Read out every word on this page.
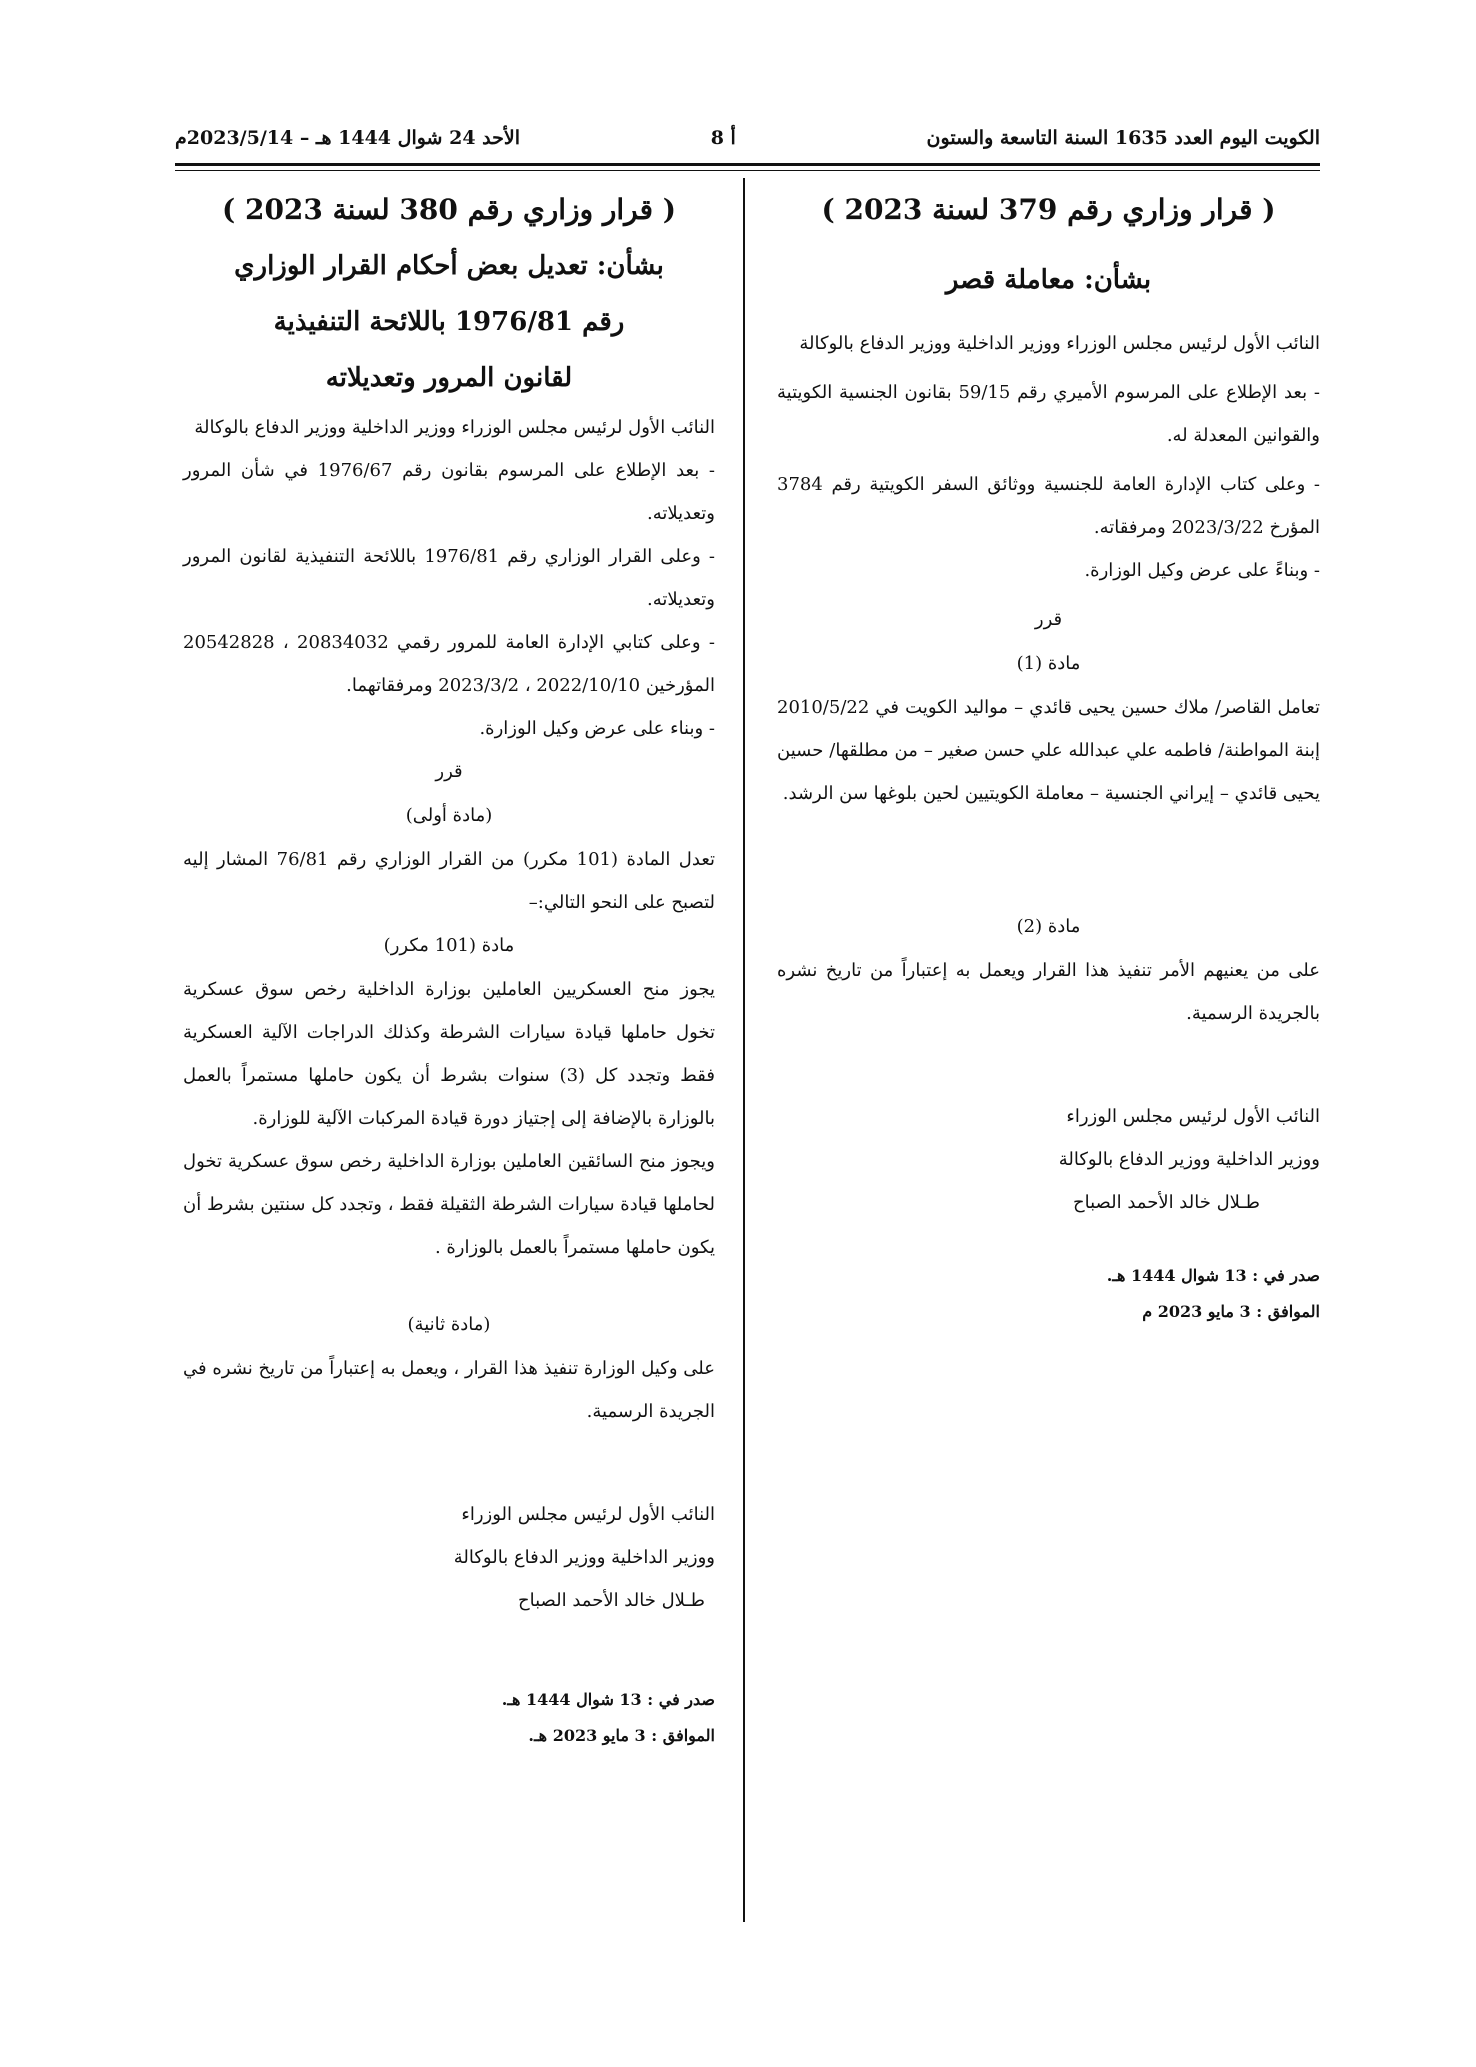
الكويت اليوم العدد 1635 السنة التاسعة والستون
أ 8
الأحد 24 شوال 1444 هـ – 2023/5/14م
( قرار وزاري رقم 379 لسنة 2023 )
بشأن: معاملة قصر

النائب الأول لرئيس مجلس الوزراء ووزير الداخلية ووزير الدفاع بالوكالة

- بعد الإطلاع على المرسوم الأميري رقم 59/15 بقانون الجنسية الكويتية والقوانين المعدلة له.

- وعلى كتاب الإدارة العامة للجنسية ووثائق السفر الكويتية رقم 3784 المؤرخ 2023/3/22 ومرفقاته.

- وبناءً على عرض وكيل الوزارة.

قرر

مادة (1)

تعامل القاصر/ ملاك حسين يحيى قائدي – مواليد الكويت في 2010/5/22 إبنة المواطنة/ فاطمه علي عبدالله علي حسن صغير – من مطلقها/ حسين يحيى قائدي – إيراني الجنسية – معاملة الكويتيين لحين بلوغها سن الرشد.

مادة (2)

على من يعنيهم الأمر تنفيذ هذا القرار ويعمل به إعتباراً من تاريخ نشره بالجريدة الرسمية.

النائب الأول لرئيس مجلس الوزراء

ووزير الداخلية ووزير الدفاع بالوكالة

طـلال خالد الأحمد الصباح

صدر في : 13 شوال 1444 هـ.

الموافق : 3 مايو 2023 م

( قرار وزاري رقم 380 لسنة 2023 )
بشأن: تعديل بعض أحكام القرار الوزاري
رقم 1976/81 باللائحة التنفيذية
لقانون المرور وتعديلاته

النائب الأول لرئيس مجلس الوزراء ووزير الداخلية ووزير الدفاع بالوكالة

- بعد الإطلاع على المرسوم بقانون رقم 1976/67 في شأن المرور وتعديلاته.

- وعلى القرار الوزاري رقم 1976/81 باللائحة التنفيذية لقانون المرور وتعديلاته.

- وعلى كتابي الإدارة العامة للمرور رقمي 20834032 ، 20542828 المؤرخين 2022/10/10 ، 2023/3/2 ومرفقاتهما.

- وبناء على عرض وكيل الوزارة.

قرر

(مادة أولى)

تعدل المادة (101 مكرر) من القرار الوزاري رقم 76/81 المشار إليه لتصبح على النحو التالي:–

مادة (101 مكرر)

يجوز منح العسكريين العاملين بوزارة الداخلية رخص سوق عسكرية تخول حاملها قيادة سيارات الشرطة وكذلك الدراجات الآلية العسكرية فقط وتجدد كل (3) سنوات بشرط أن يكون حاملها مستمراً بالعمل بالوزارة بالإضافة إلى إجتياز دورة قيادة المركبات الآلية للوزارة.

ويجوز منح السائقين العاملين بوزارة الداخلية رخص سوق عسكرية تخول لحاملها قيادة سيارات الشرطة الثقيلة فقط ، وتجدد كل سنتين بشرط أن يكون حاملها مستمراً بالعمل بالوزارة .

(مادة ثانية)

على وكيل الوزارة تنفيذ هذا القرار ، ويعمل به إعتباراً من تاريخ نشره في الجريدة الرسمية.

النائب الأول لرئيس مجلس الوزراء

ووزير الداخلية ووزير الدفاع بالوكالة

طـلال خالد الأحمد الصباح

صدر في : 13 شوال 1444 هـ.

الموافق : 3 مايو 2023 هـ.
